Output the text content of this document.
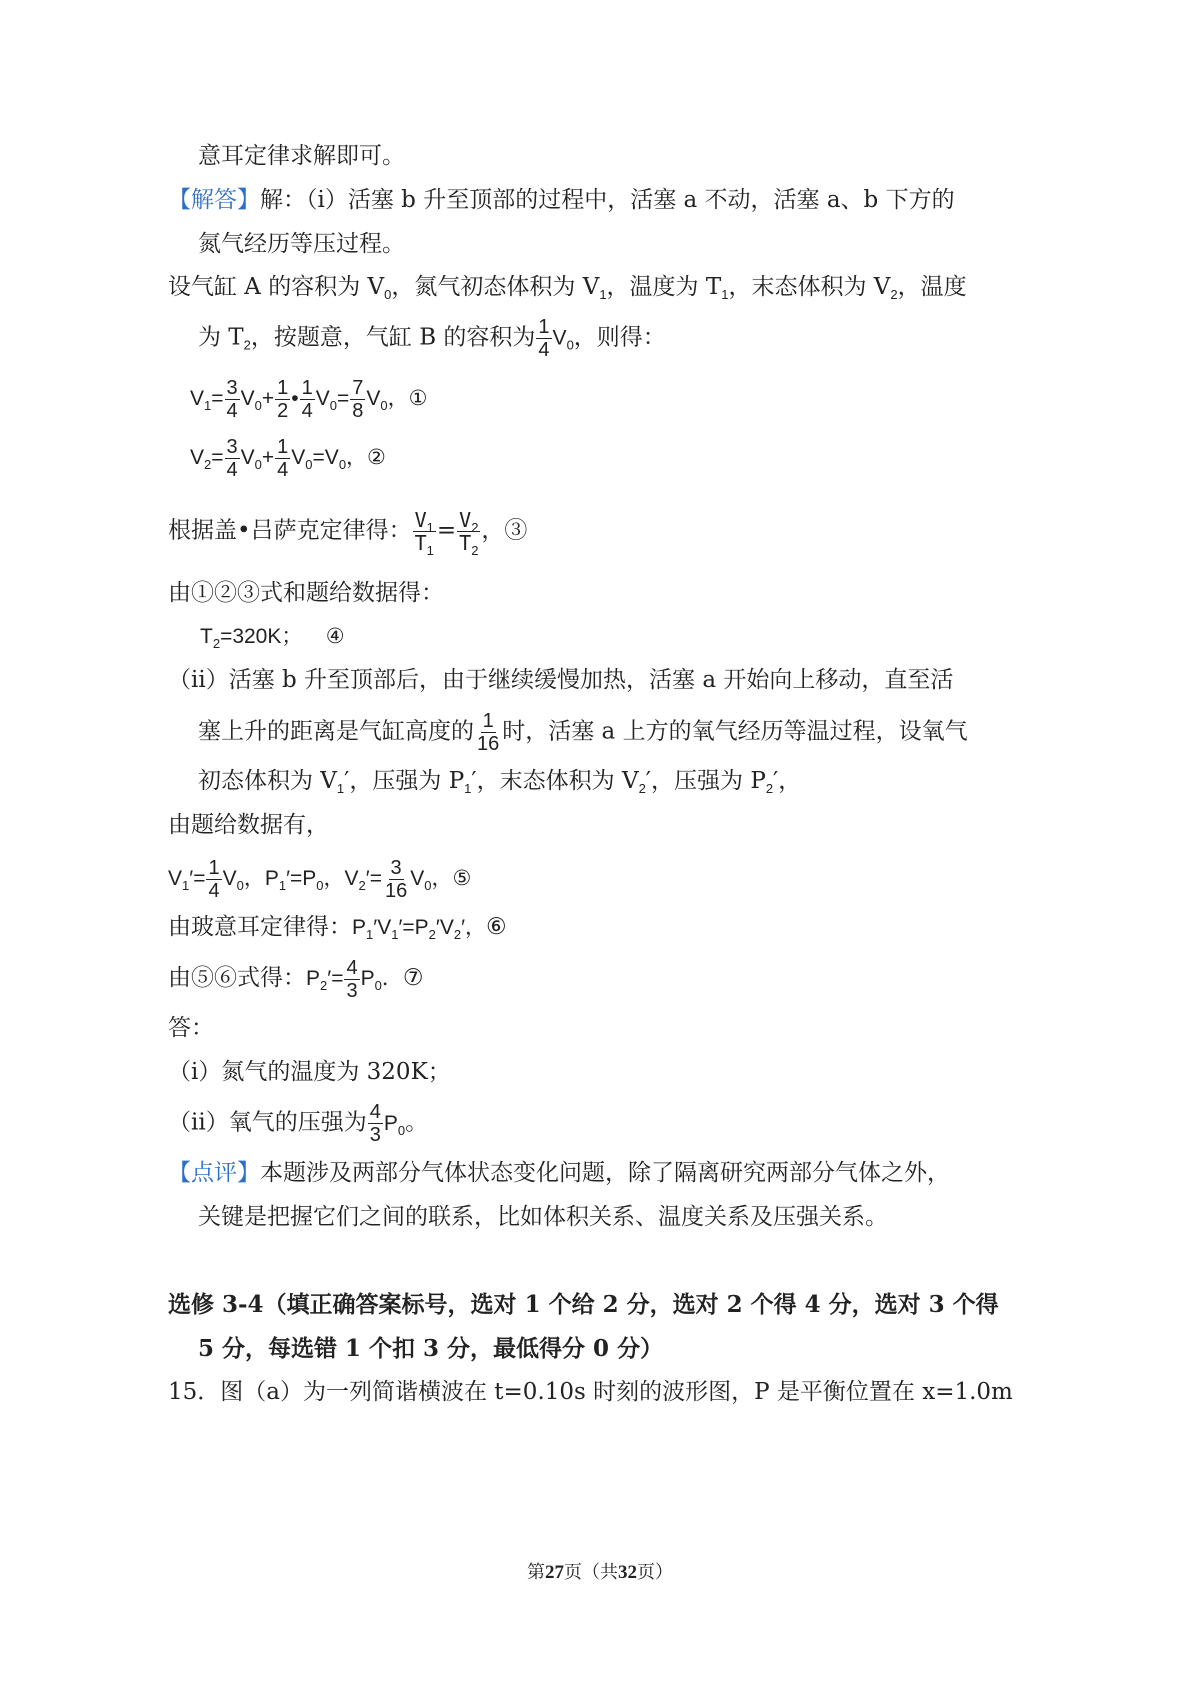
意耳定律求解即可。
【解答】解：（ⅰ）活塞 b 升至顶部的过程中，活塞 a 不动，活塞 a、b 下方的
氮气经历等压过程。
设气缸 A 的容积为 $V_0$，氮气初态体积为 $V_1$，温度为 $T_1$，末态体积为 $V_2$，温度
为 $T_2$，按题意，气缸 B 的容积为 $\frac{1}{4} V_0$，则得：
$V_1= \frac{3}{4} V_0+ \frac{1}{2}$ • $\frac{1}{4} V_0= \frac{7}{8} V_0$，①
$V_2= \frac{3}{4} V_0+ \frac{1}{4} V_0=V_0$，②
根据盖•吕萨克定律得： $\frac{V_1}{T_1} = \frac{V_2}{T_2}$ ，③
由①②③式和题给数据得：
$T_2=320K$； ④
（ⅱ）活塞 b 升至顶部后，由于继续缓慢加热，活塞 a 开始向上移动，直至活
塞上升的距离是气缸高度的 $\frac{1}{16}$ 时，活塞 a 上方的氧气经历等温过程，设氧气
初态体积为 $V_1'$，压强为 $P_1'$，末态体积为 $V_2'$，压强为 $P_2'$，
由题给数据有，
$V_1'= \frac{1}{4} V_0$，$P_1'=P_0$，$V_2'= \frac{3}{16} V_0$，⑤
由玻意耳定律得：$P_1'V_1'=P_2'V_2'$，⑥
由⑤⑥式得：$P_2'= \frac{4}{3} P_0$．⑦
答：
（ⅰ）氮气的温度为 320K；
（ⅱ）氧气的压强为 $\frac{4}{3} P_0$。
【点评】本题涉及两部分气体状态变化问题，除了隔离研究两部分气体之外，
关键是把握它们之间的联系，比如体积关系、温度关系及压强关系。
选修 3-4（填正确答案标号，选对 1 个给 2 分，选对 2 个得 4 分，选对 3 个得
5 分，每选错 1 个扣 3 分，最低得分 0 分）
15．图（a）为一列简谐横波在 t=0.10s 时刻的波形图，P 是平衡位置在 x=1.0m
第27页（共32页）
